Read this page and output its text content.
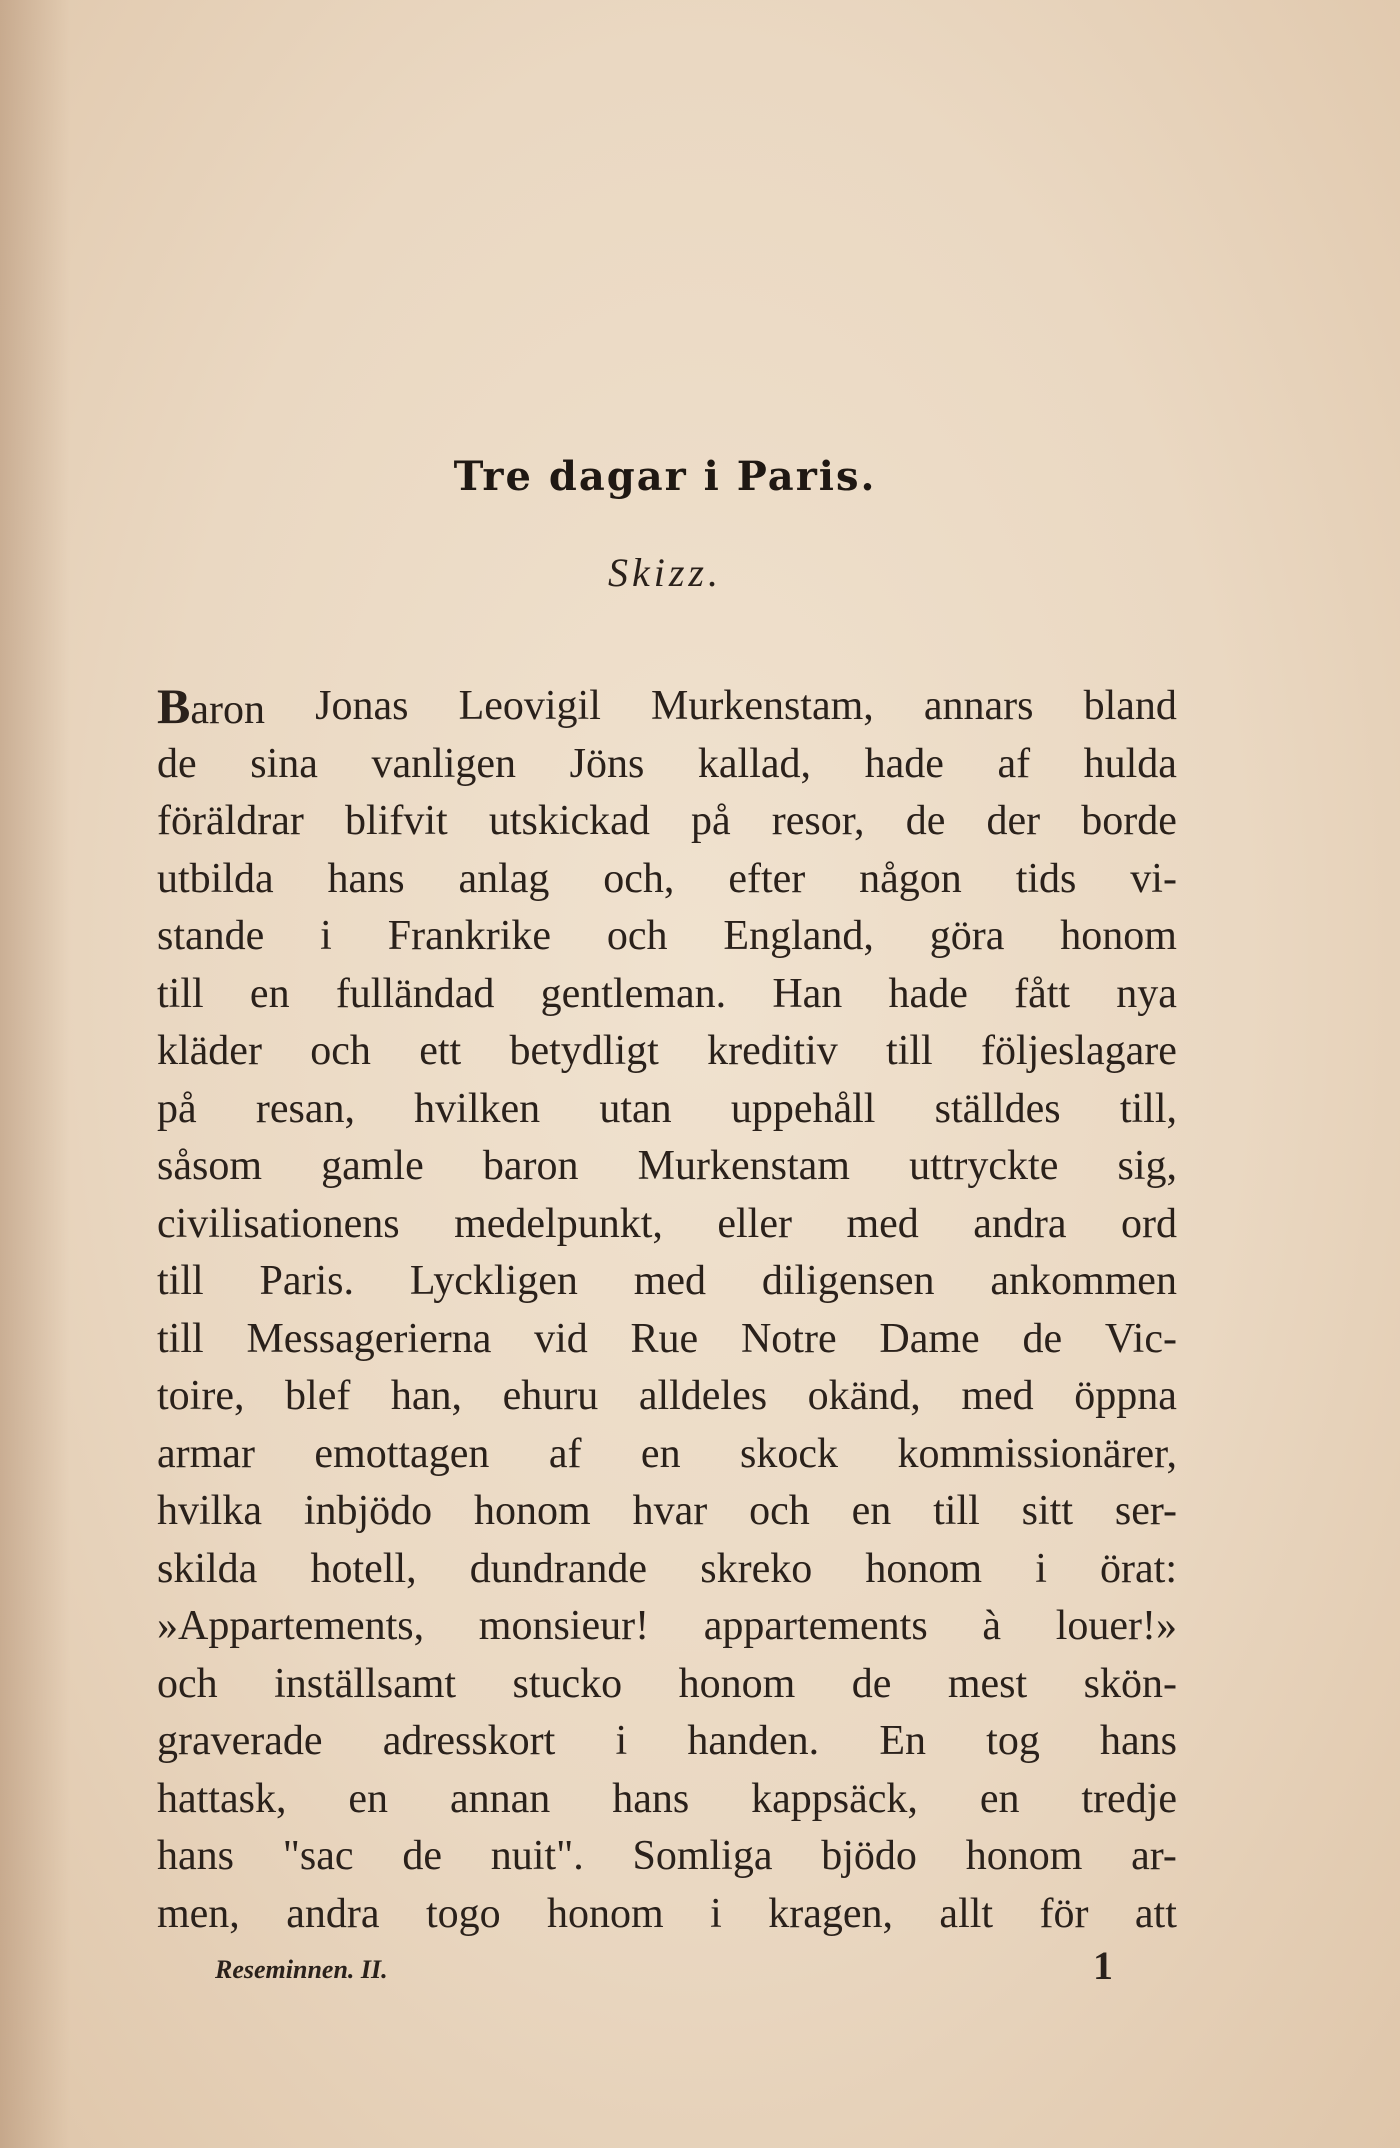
Tre dagar i Paris.
Skizz.
Baron Jonas Leovigil Murkenstam, annars bland
de sina vanligen Jöns kallad, hade af hulda
föräldrar blifvit utskickad på resor, de der borde
utbilda hans anlag och, efter någon tids vi-
stande i Frankrike och England, göra honom
till en fulländad gentleman. Han hade fått nya
kläder och ett betydligt kreditiv till följeslagare
på resan, hvilken utan uppehåll ställdes till,
såsom gamle baron Murkenstam uttryckte sig,
civilisationens medelpunkt, eller med andra ord
till Paris. Lyckligen med diligensen ankommen
till Messagerierna vid Rue Notre Dame de Vic-
toire, blef han, ehuru alldeles okänd, med öppna
armar emottagen af en skock kommissionärer,
hvilka inbjödo honom hvar och en till sitt ser-
skilda hotell, dundrande skreko honom i örat:
»Appartements, monsieur! appartements à louer!»
och inställsamt stucko honom de mest skön-
graverade adresskort i handen. En tog hans
hattask, en annan hans kappsäck, en tredje
hans "sac de nuit". Somliga bjödo honom ar-
men, andra togo honom i kragen, allt för att
Reseminnen. II.	1
